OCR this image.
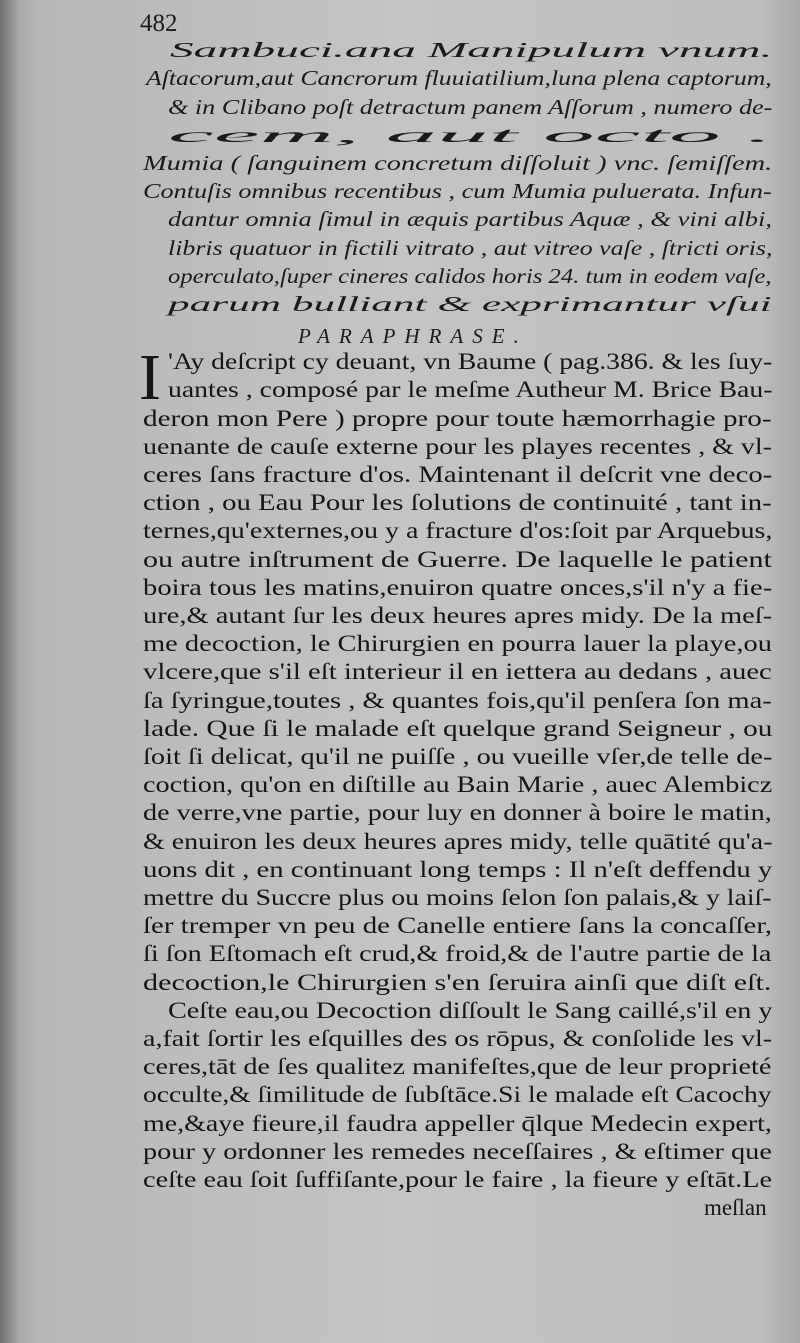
482
Sambuci.ana Manipulum vnum.
Aſtacorum,aut Cancrorum fluuiatilium,luna plena captorum,
& in Clibano poſt detractum panem Aſſorum , numero de-
cem, aut octo .
Mumia ( ſanguinem concretum diſſoluit ) vnc. ſemiſſem.
Contuſis omnibus recentibus , cum Mumia puluerata. Infun-
dantur omnia ſimul in æquis partibus Aquæ , & vini albi,
libris quatuor in fictili vitrato , aut vitreo vaſe , ſtricti oris,
operculato,ſuper cineres calidos horis 24. tum in eodem vaſe,
parum bulliant & exprimantur vſui
PARAPHRASE.
I 'Ay deſcript cy deuant, vn Baume ( pag.386. & les ſuy-
uantes , composé par le meſme Autheur M. Brice Bau-
deron mon Pere ) propre pour toute hæmorrhagie pro-
uenante de cauſe externe pour les playes recentes , & vl-
ceres ſans fracture d'os. Maintenant il deſcrit vne deco-
ction , ou Eau Pour les ſolutions de continuité , tant in-
ternes,qu'externes,ou y a fracture d'os:ſoit par Arquebus,
ou autre inſtrument de Guerre. De laquelle le patient
boira tous les matins,enuiron quatre onces,s'il n'y a fie-
ure,& autant ſur les deux heures apres midy. De la meſ-
me decoction, le Chirurgien en pourra lauer la playe,ou
vlcere,que s'il eſt interieur il en iettera au dedans , auec
ſa ſyringue,toutes , & quantes fois,qu'il penſera ſon ma-
lade. Que ſi le malade eſt quelque grand Seigneur , ou
ſoit ſi delicat, qu'il ne puiſſe , ou vueille vſer,de telle de-
coction, qu'on en diſtille au Bain Marie , auec Alembicz
de verre,vne partie, pour luy en donner à boire le matin,
& enuiron les deux heures apres midy, telle quātité qu'a-
uons dit , en continuant long temps : Il n'eſt deffendu y
mettre du Succre plus ou moins ſelon ſon palais,& y laiſ-
ſer tremper vn peu de Canelle entiere ſans la concaſſer,
ſi ſon Eſtomach eſt crud,& froid,& de l'autre partie de la
decoction,le Chirurgien s'en ſeruira ainſi que diſt eſt.
Ceſte eau,ou Decoction diſſoult le Sang caillé,s'il en y
a,fait ſortir les eſquilles des os rōpus, & conſolide les vl-
ceres,tāt de ſes qualitez manifeſtes,que de leur proprieté
occulte,& ſimilitude de ſubſtāce.Si le malade eſt Cacochy
me,&aye fieure,il faudra appeller q̄lque Medecin expert,
pour y ordonner les remedes neceſſaires , & eſtimer que
ceſte eau ſoit ſuffiſante,pour le faire , la fieure y eſtāt.Le
meſlan
